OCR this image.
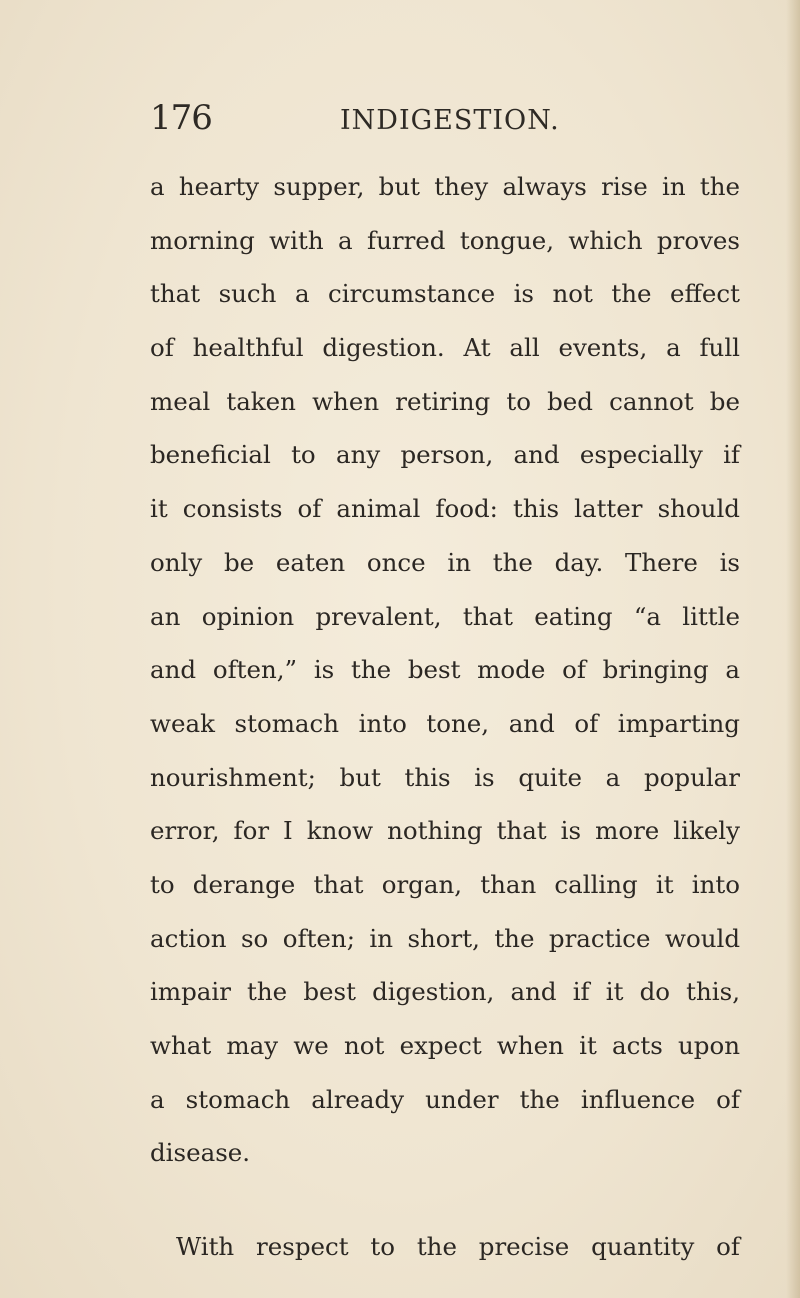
176	INDIGESTION.
a hearty supper, but they always rise in the
morning with a furred tongue, which proves
that such a circumstance is not the effect
of healthful digestion. At all events, a full
meal taken when retiring to bed cannot be
beneficial to any person, and especially if
it consists of animal food: this latter should
only be eaten once in the day. There is
an opinion prevalent, that eating “a little
and often,” is the best mode of bringing a
weak stomach into tone, and of imparting
nourishment; but this is quite a popular
error, for I know nothing that is more likely
to derange that organ, than calling it into
action so often; in short, the practice would
impair the best digestion, and if it do this,
what may we not expect when it acts upon
a stomach already under the influence of
disease.
With respect to the precise quantity of
